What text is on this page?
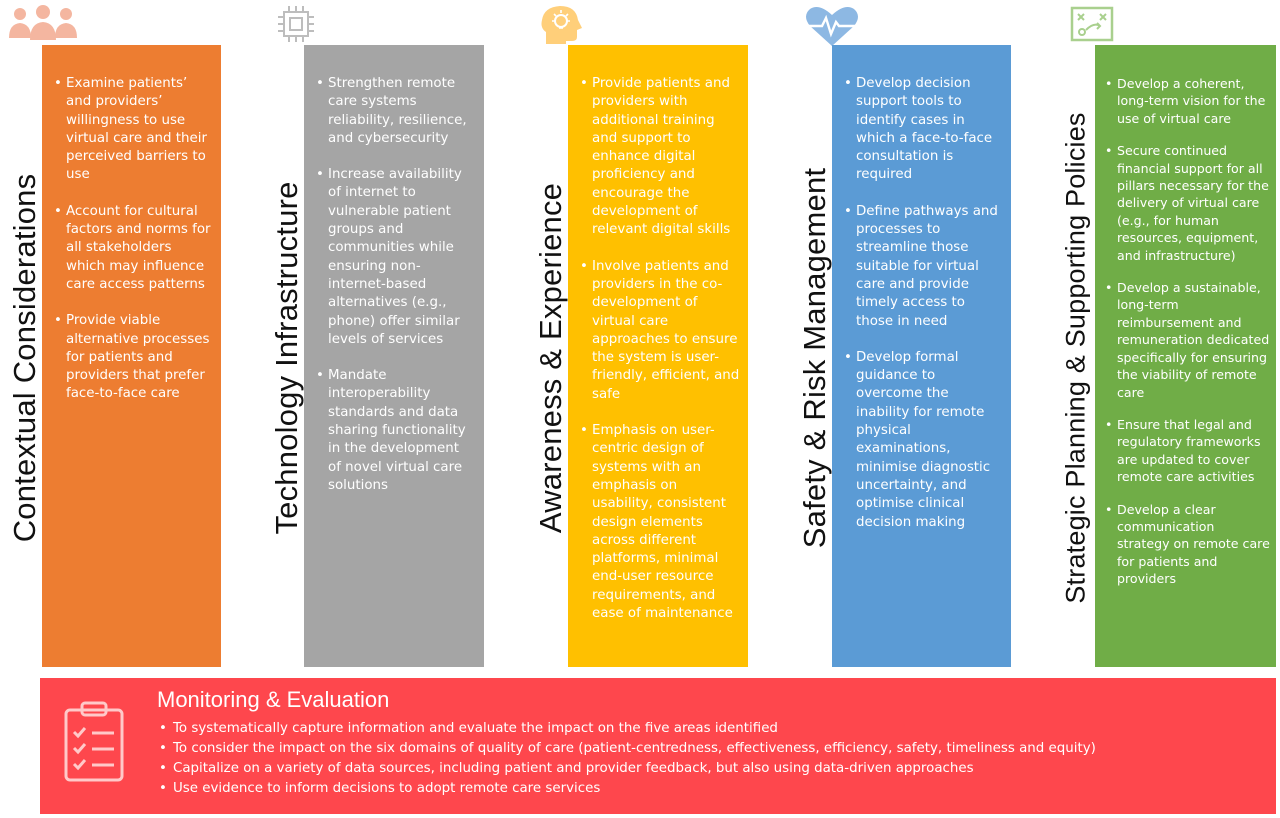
Contextual Considerations
• Examine patients’ and providers’ willingness to use virtual care and their perceived barriers to use
• Account for cultural factors and norms for all stakeholders which may influence care access patterns
• Provide viable alternative processes for patients and providers that prefer face-to-face care	Technology Infrastructure
• Strengthen remote care systems reliability, resilience, and cybersecurity
• Increase availability of internet to vulnerable patient groups and communities while ensuring non-internet-based alternatives (e.g., phone) offer similar levels of services
• Mandate interoperability standards and data sharing functionality in the development of novel virtual care solutions	Awareness & Experience
• Provide patients and providers with additional training and support to enhance digital proficiency and encourage the development of relevant digital skills
• Involve patients and providers in the co-development of virtual care approaches to ensure the system is user-friendly, efficient, and safe
• Emphasis on user-centric design of systems with an emphasis on usability, consistent design elements across different platforms, minimal end-user resource requirements, and ease of maintenance
Safety & Risk Management
• Develop decision support tools to identify cases in which a face-to-face consultation is required
• Define pathways and processes to streamline those suitable for virtual care and provide timely access to those in need
• Develop formal guidance to overcome the inability for remote physical examinations, minimise diagnostic uncertainty, and optimise clinical decision making	Strategic Planning & Supporting Policies
• Develop a coherent, long-term vision for the use of virtual care
• Secure continued financial support for all pillars necessary for the delivery of virtual care (e.g., for human resources, equipment, and infrastructure)
• Develop a sustainable, long-term reimbursement and remuneration dedicated specifically for ensuring the viability of remote care
• Ensure that legal and regulatory frameworks are updated to cover remote care activities
• Develop a clear communication strategy on remote care for patients and providers
Monitoring & Evaluation
• To systematically capture information and evaluate the impact on the five areas identified
• To consider the impact on the six domains of quality of care (patient-centredness, effectiveness, efficiency, safety, timeliness and equity)
• Capitalize on a variety of data sources, including patient and provider feedback, but also using data-driven approaches
• Use evidence to inform decisions to adopt remote care services
